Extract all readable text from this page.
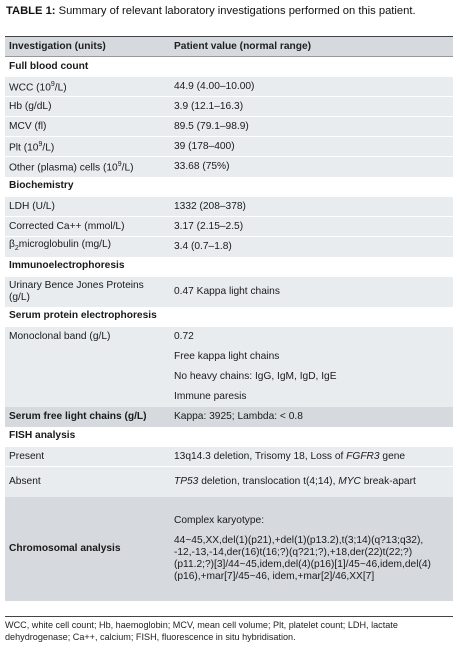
TABLE 1: Summary of relevant laboratory investigations performed on this patient.
Investigation (units)	Patient value (normal range)
Full blood count	
WCC $(10^9/L)$	44.9 (4.00–10.00)
Hb (g/dL)	3.9 (12.1–16.3)
MCV (fl)	89.5 (79.1–98.9)
Plt $(10^9/L)$	39 (178–400)
Other (plasma) cells $(10^9/L)$	33.68 (75%)
Biochemistry	
LDH (U/L)	1332 (208–378)
Corrected Ca++ (mmol/L)	3.17 (2.15–2.5)
$\beta_2microglobulin$ (mg/L)	3.4 (0.7–1.8)
Immunoelectrophoresis	
Urinary Bence Jones Proteins (g/L)	0.47 Kappa light chains
Serum protein electrophoresis	
Monoclonal band (g/L)	0.72
	Free kappa light chains
	No heavy chains: IgG, IgM, IgD, IgE
	Immune paresis
Serum free light chains (g/L)	Kappa: 3925; Lambda: < 0.8
FISH analysis	
Present	13q14.3 deletion, Trisomy 18, Loss of FGFR3 gene
Absent	TP53 deletion, translocation t(4;14), MYC break-apart
Chromosomal analysis	Complex karyotype:
44~45,XX,del(1)(p21),+del(1)(p13.2),t(3;14)(q?13;q32), -12,-13,-14,der(16)t(16;?)(q?21;?),+18,der(22)t(22;?)(p11.2;?)[3]/44~45,idem,del(4)(p16)[1]/45~46,idem,del(4)(p16),+mar[7]/45~46, idem,+mar[2]/46,XX[7]
WCC, white cell count; Hb, haemoglobin; MCV, mean cell volume; Plt, platelet count; LDH, lactate dehydrogenase; Ca++, calcium; FISH, fluorescence in situ hybridisation.
